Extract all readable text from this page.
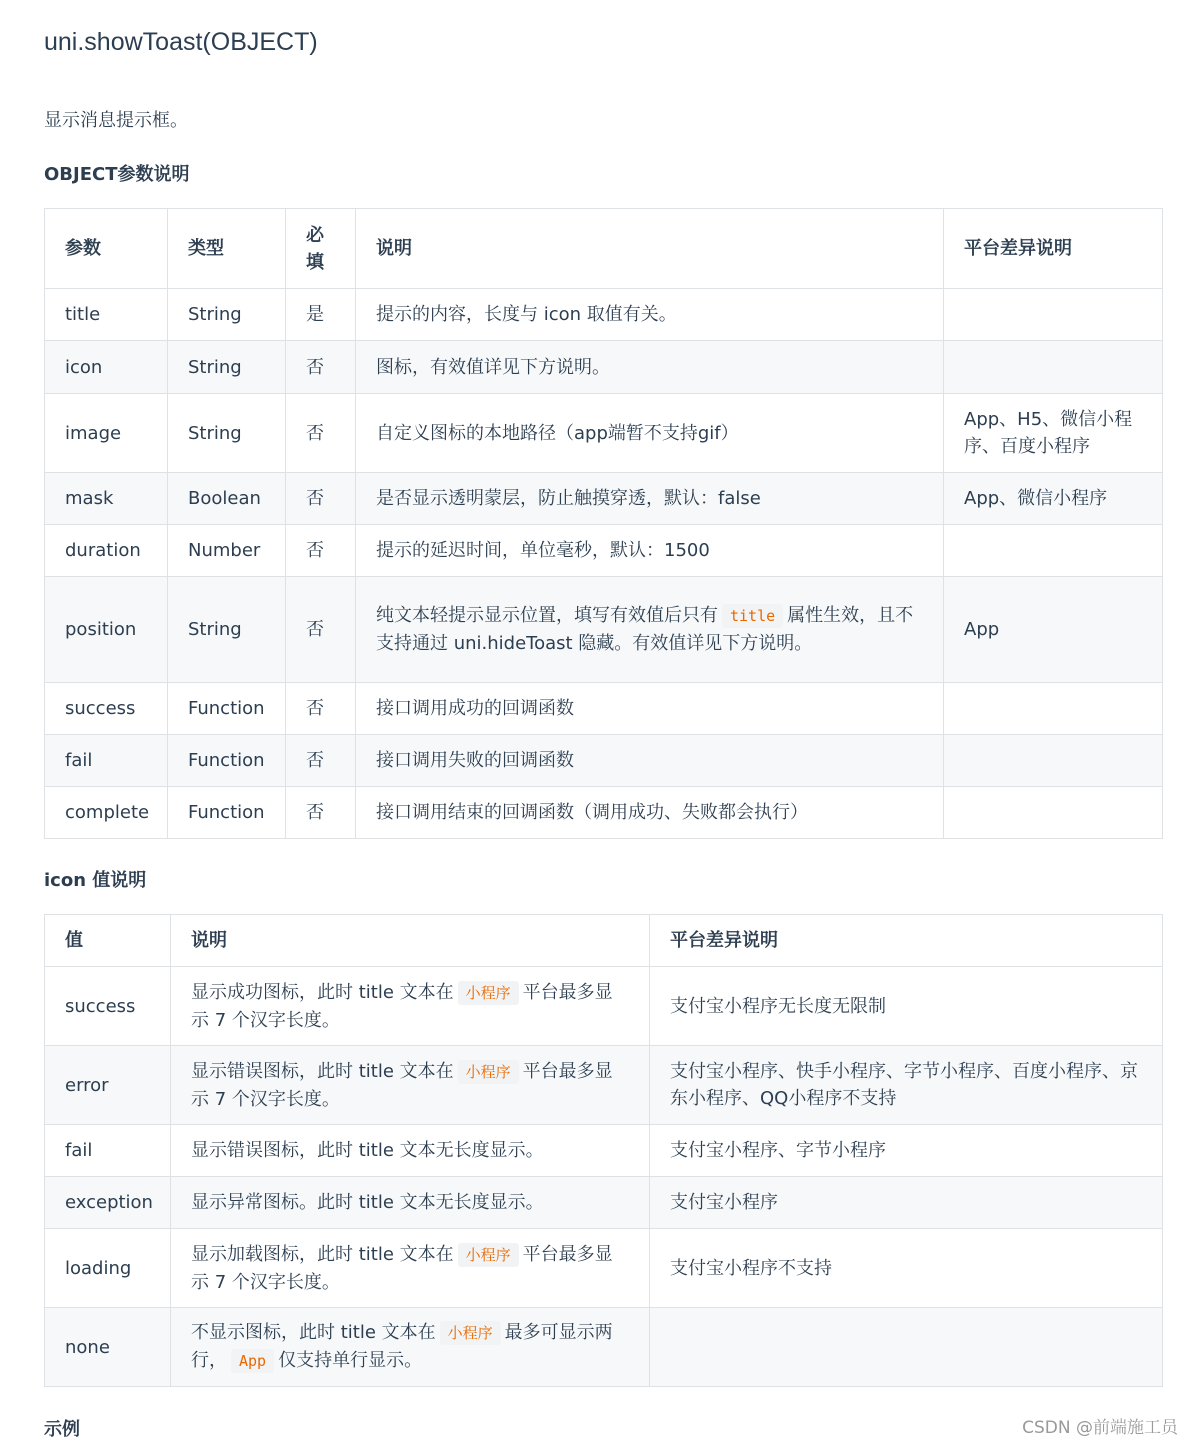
uni.showToast(OBJECT)
显示消息提示框。
OBJECT参数说明
参数	类型	必填	说明	平台差异说明
title	String	是	提示的内容，长度与 icon 取值有关。	
icon	String	否	图标，有效值详见下方说明。	
image	String	否	自定义图标的本地路径（app端暂不支持gif）	App、H5、微信小程序、百度小程序
mask	Boolean	否	是否显示透明蒙层，防止触摸穿透，默认：false	App、微信小程序
duration	Number	否	提示的延迟时间，单位毫秒，默认：1500	
position	String	否	纯文本轻提示显示位置，填写有效值后只有 title 属性生效，且不支持通过 uni.hideToast 隐藏。有效值详见下方说明。	App
success	Function	否	接口调用成功的回调函数	
fail	Function	否	接口调用失败的回调函数	
complete	Function	否	接口调用结束的回调函数（调用成功、失败都会执行）	
icon 值说明
值	说明	平台差异说明
success	显示成功图标，此时 title 文本在 小程序 平台最多显示 7 个汉字长度。	支付宝小程序无长度无限制
error	显示错误图标，此时 title 文本在 小程序 平台最多显示 7 个汉字长度。	支付宝小程序、快手小程序、字节小程序、百度小程序、京东小程序、QQ小程序不支持
fail	显示错误图标，此时 title 文本无长度显示。	支付宝小程序、字节小程序
exception	显示异常图标。此时 title 文本无长度显示。	支付宝小程序
loading	显示加载图标，此时 title 文本在 小程序 平台最多显示 7 个汉字长度。	支付宝小程序不支持
none	不显示图标，此时 title 文本在 小程序 最多可显示两行， App 仅支持单行显示。	
示例	CSDN @前端施工员
